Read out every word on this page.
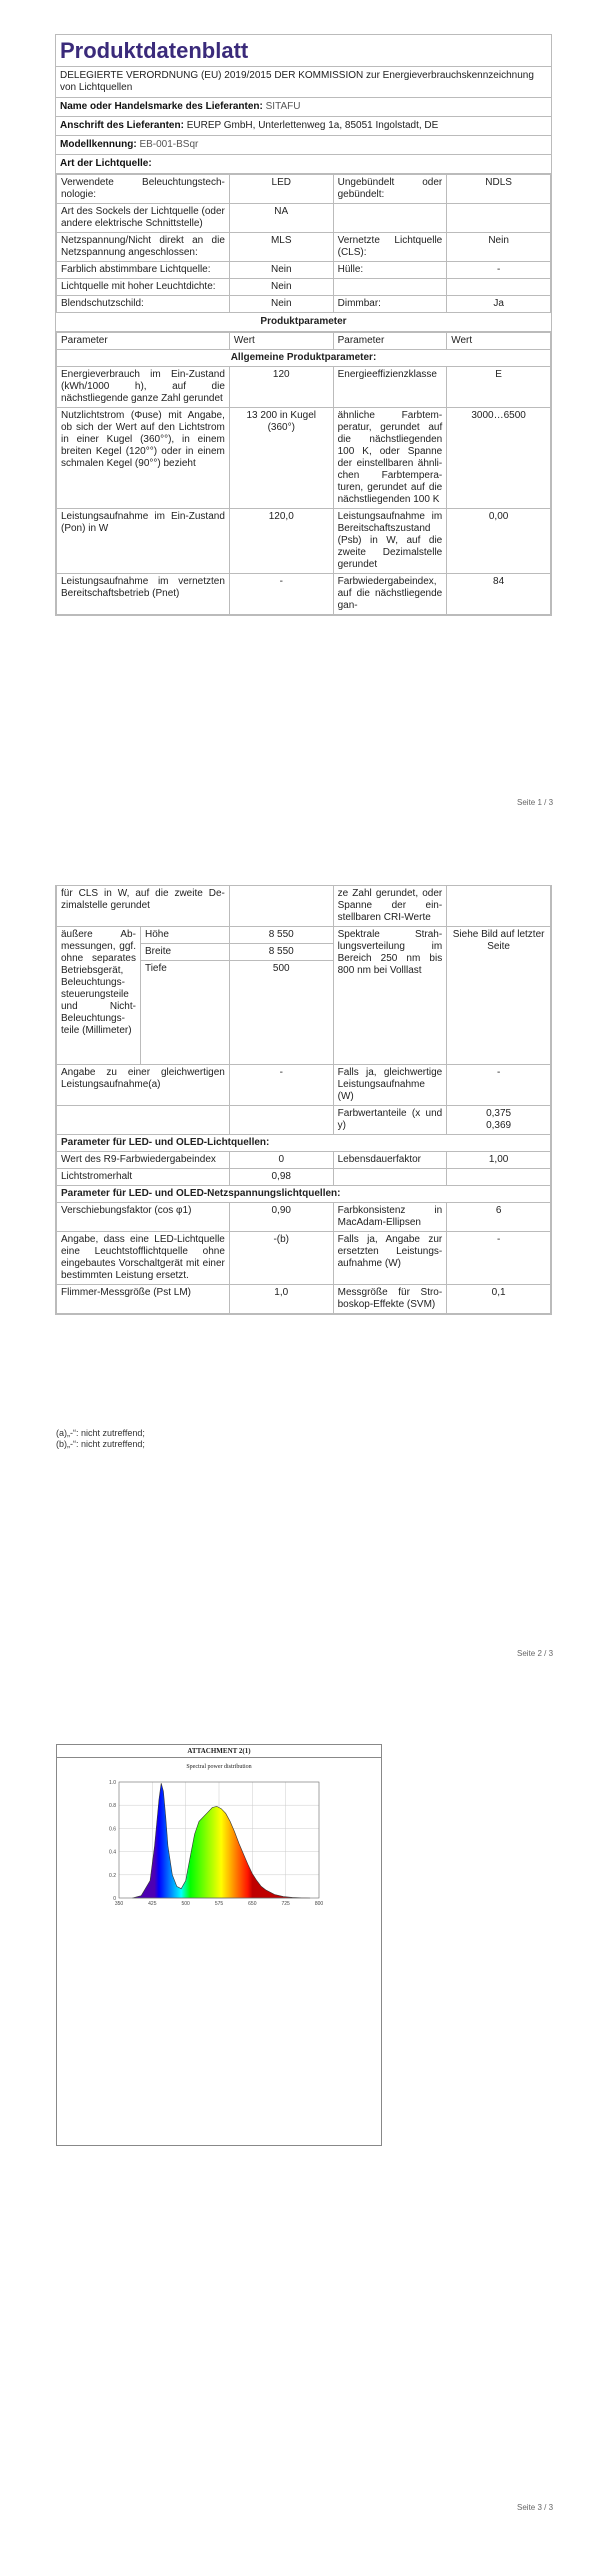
Produktdatenblatt
DELEGIERTE VERORDNUNG (EU) 2019/2015 DER KOMMISSION zur Energieverbrauchskennzeichnung von Lichtquellen
Name oder Handelsmarke des Lieferanten: SITAFU
Anschrift des Lieferanten: EUREP GmbH, Unterlettenweg 1a, 85051 Ingolstadt, DE
Modellkennung: EB-001-BSqr
Art der Lichtquelle:
Verwendete Beleuchtungstechnologie:	LED	Ungebündelt oder gebündelt:	NDLS
Art des Sockels der Lichtquelle (oder andere elektrische Schnittstelle)	NA		
Netzspannung/Nicht direkt an die Netzspannung angeschlossen:	MLS	Vernetzte Lichtquelle (CLS):	Nein
Farblich abstimmbare Lichtquelle:	Nein	Hülle:	-
Lichtquelle mit hoher Leuchtdichte:	Nein		
Blendschutzschild:	Nein	Dimmbar:	Ja
Produktparameter
Parameter	Wert	Parameter	Wert
Allgemeine Produktparameter:			
Energieverbrauch im Ein-Zustand (kWh/1000 h), auf die nächstliegende ganze Zahl gerundet	120	Energieeffizienzklasse	E
Nutzlichtstrom (Φuse) mit Angabe, ob sich der Wert auf den Lichtstrom in einer Kugel (360°°), in einem breiten Kegel (120°°) oder in einem schmalen Kegel (90°°) bezieht	13 200 in Kugel (360°)	ähnliche Farbtemperatur, gerundet auf die nächstliegenden 100 K, oder Spanne der einstellbaren ähnlichen Farbtemperaturen, gerundet auf die nächstliegenden 100 K	3000…6500
Leistungsaufnahme im Ein-Zustand (Pon) in W	120,0	Leistungsaufnahme im Bereitschaftszustand (Psb) in W, auf die zweite Dezimalstelle gerundet	0,00
Leistungsaufnahme im vernetzten Bereitschaftsbetrieb (Pnet)	-	Farbwiedergabeindex, auf die nächstliegende gan-	84
Seite 1 / 3
für CLS in W, auf die zweite Dezimalstelle gerundet			ze Zahl gerundet, oder Spanne der einstellbaren CRI-Werte	
äußere Abmessungen, ggf. ohne separates Betriebsgerät, Beleuchtungssteuerungsteile und Nicht-Beleuchtungsteile (Millimeter)	Höhe	8 550	Spektrale Strahlungsverteilung im Bereich 250 nm bis 800 nm bei Volllast	Siehe Bild auf letzter Seite
	Breite	8 550		
	Tiefe	500		
Angabe zu einer gleichwertigen Leistungsaufnahme(a)		-	Falls ja, gleichwertige Leistungsaufnahme (W)	-
			Farbwertanteile (x und y)	0,375
0,369
Parameter für LED- und OLED-Lichtquellen:				
Wert des R9-Farbwiedergabeindex		0	Lebensdauerfaktor	1,00
Lichtstromerhalt		0,98		
Parameter für LED- und OLED-Netzspannungslichtquellen:				
Verschiebungsfaktor (cos φ1)		0,90	Farbkonsistenz in MacAdam-Ellipsen	6
Angabe, dass eine LED-Lichtquelle eine Leuchtstofflichtquelle ohne eingebautes Vorschaltgerät mit einer bestimmten Leistung ersetzt.		-(b)	Falls ja, Angabe zur ersetzten Leistungsaufnahme (W)	-
Flimmer-Messgröße (Pst LM)		1,0	Messgröße für Stroboskop-Effekte (SVM)	0,1
(a)„-“: nicht zutreffend;
(b)„-“: nicht zutreffend;
Seite 2 / 3
ATTACHMENT 2(1)
Spectral power distribution
0
0.2
0.4
0.6
0.8
1.0
350	425	500	575	650	725	800
Seite 3 / 3
